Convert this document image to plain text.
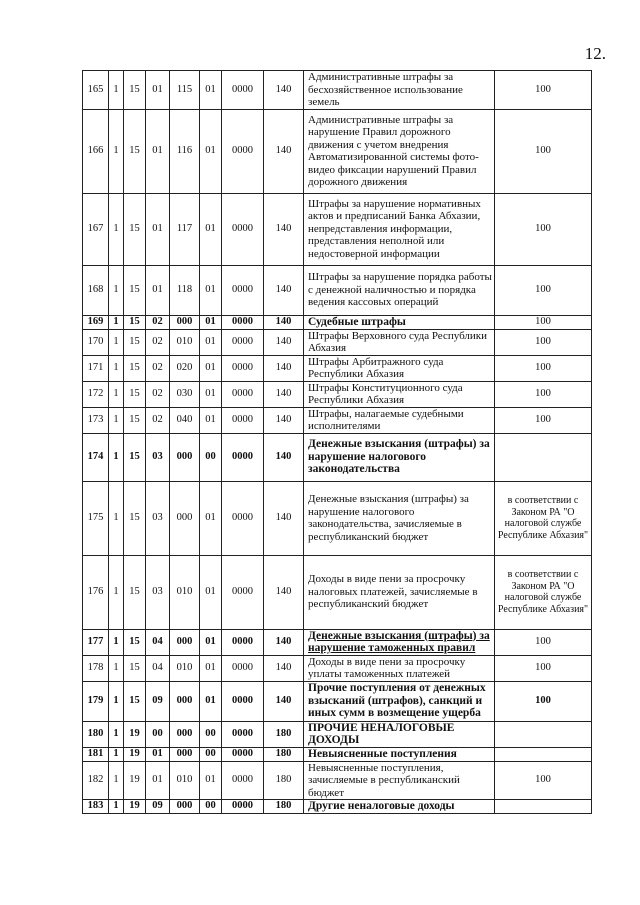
12.
165	1	15	01	115	01	0000	140	Административные штрафы за бесхозяйственное использование земель	100
166	1	15	01	116	01	0000	140	Административные штрафы за нарушение Правил дорожного движения с учетом внедрения Автоматизированной системы фото-видео фиксации нарушений Правил дорожного движения	100
167	1	15	01	117	01	0000	140	Штрафы за нарушение нормативных актов и предписаний Банка Абхазии, непредставления информации, представления неполной или недостоверной информации	100
168	1	15	01	118	01	0000	140	Штрафы за нарушение порядка работы с денежной наличностью и порядка ведения кассовых операций	100
169	1	15	02	000	01	0000	140	Судебные штрафы	100
170	1	15	02	010	01	0000	140	Штрафы Верховного суда Республики Абхазия	100
171	1	15	02	020	01	0000	140	Штрафы Арбитражного суда Республики Абхазия	100
172	1	15	02	030	01	0000	140	Штрафы Конституционного суда Республики Абхазия	100
173	1	15	02	040	01	0000	140	Штрафы, налагаемые судебными исполнителями	100
174	1	15	03	000	00	0000	140	Денежные взыскания (штрафы) за нарушение налогового законодательства	
175	1	15	03	000	01	0000	140	Денежные взыскания (штрафы) за нарушение налогового законодательства, зачисляемые в республиканский бюджет	в соответствии с Законом РА "О налоговой службе Республике Абхазия"
176	1	15	03	010	01	0000	140	Доходы в виде пени за просрочку налоговых платежей, зачисляемые в республиканский бюджет	в соответствии с Законом РА "О налоговой службе Республике Абхазия"
177	1	15	04	000	01	0000	140	Денежные взыскания (штрафы) за нарушение таможенных правил	100
178	1	15	04	010	01	0000	140	Доходы в виде пени за просрочку уплаты таможенных платежей	100
179	1	15	09	000	01	0000	140	Прочие поступления от денежных взысканий (штрафов), санкций и иных сумм в возмещение ущерба	100
180	1	19	00	000	00	0000	180	ПРОЧИЕ НЕНАЛОГОВЫЕ ДОХОДЫ	
181	1	19	01	000	00	0000	180	Невыясненные поступления	
182	1	19	01	010	01	0000	180	Невыясненные поступления, зачисляемые в республиканский бюджет	100
183	1	19	09	000	00	0000	180	Другие неналоговые доходы	
